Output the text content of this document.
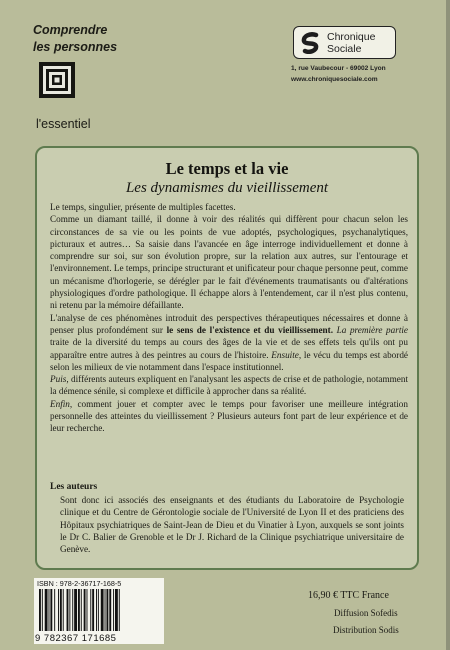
Comprendre
les personnes
l'essentiel
Chronique
Sociale
1, rue Vaubecour - 69002 Lyon
www.chroniquesociale.com
Le temps et la vie
Les dynamismes du vieillissement

Le temps, singulier, présente de multiples facettes.

Comme un diamant taillé, il donne à voir des réalités qui diffèrent pour chacun selon les circonstances de sa vie ou les points de vue adoptés, psychologiques, psychanalytiques, picturaux et autres… Sa saisie dans l'avancée en âge interroge individuellement et donne à comprendre sur soi, sur son évolution propre, sur la relation aux autres, sur l'entourage et l'environnement. Le temps, principe structurant et unificateur pour chaque personne peut, comme un mécanisme d'horlogerie, se dérégler par le fait d'événements traumatisants ou d'altérations physiologiques d'ordre pathologique. Il échappe alors à l'entendement, car il n'est plus contenu, ni retenu par la mémoire défaillante.

L'analyse de ces phénomènes introduit des perspectives thérapeutiques nécessaires et donne à penser plus profondément sur le sens de l'existence et du vieillissement. La première partie traite de la diversité du temps au cours des âges de la vie et de ses effets tels qu'ils ont pu apparaître entre autres à des peintres au cours de l'histoire. Ensuite, le vécu du temps est abordé selon les milieux de vie notamment dans l'espace institutionnel.

Puis, différents auteurs expliquent en l'analysant les aspects de crise et de pathologie, notamment la démence sénile, si complexe et difficile à approcher dans sa réalité.

Enfin, comment jouer et compter avec le temps pour favoriser une meilleure intégration personnelle des atteintes du vieillissement ? Plusieurs auteurs font part de leur expérience et de leur recherche.

Les auteurs
Sont donc ici associés des enseignants et des étudiants du Laboratoire de Psychologie clinique et du Centre de Gérontologie sociale de l'Université de Lyon II et des praticiens des Hôpitaux psychiatriques de Saint-Jean de Dieu et du Vinatier à Lyon, auxquels se sont joints le Dr C. Balier de Grenoble et le Dr J. Richard de la Clinique psychiatrique universitaire de Genève.
ISBN : 978-2-36717-168-5
9 782367 171685
16,90 € TTC France
Diffusion Sofedis
Distribution Sodis
